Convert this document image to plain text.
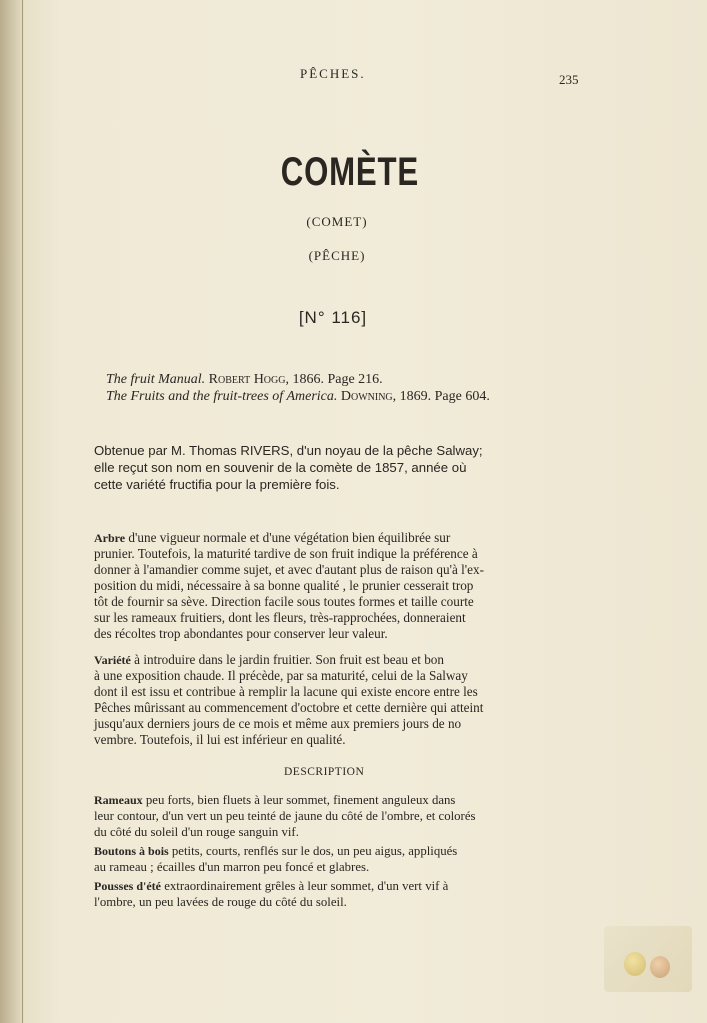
PÊCHES.	235
COMÈTE
(COMET)
(PÊCHE)
[N° 116]
The fruit Manual. Robert Hogg, 1866. Page 216.
The Fruits and the fruit-trees of America. Downing, 1869. Page 604.
Obtenue par M. Thomas RIVERS, d'un noyau de la pêche Salway;
elle reçut son nom en souvenir de la comète de 1857, année où
cette variété fructifia pour la première fois.
Arbre d'une vigueur normale et d'une végétation bien équilibrée sur
prunier. Toutefois, la maturité tardive de son fruit indique la préférence à
donner à l'amandier comme sujet, et avec d'autant plus de raison qu'à l'ex-
position du midi, nécessaire à sa bonne qualité , le prunier cesserait trop
tôt de fournir sa sève. Direction facile sous toutes formes et taille courte
sur les rameaux fruitiers, dont les fleurs, très-rapprochées, donneraient
des récoltes trop abondantes pour conserver leur valeur.
Variété à introduire dans le jardin fruitier. Son fruit est beau et bon
à une exposition chaude. Il précède, par sa maturité, celui de la Salway
dont il est issu et contribue à remplir la lacune qui existe encore entre les
Pêches mûrissant au commencement d'octobre et cette dernière qui atteint
jusqu'aux derniers jours de ce mois et même aux premiers jours de no
vembre. Toutefois, il lui est inférieur en qualité.
DESCRIPTION
Rameaux peu forts, bien fluets à leur sommet, finement anguleux dans
leur contour, d'un vert un peu teinté de jaune du côté de l'ombre, et colorés
du côté du soleil d'un rouge sanguin vif.
Boutons à bois petits, courts, renflés sur le dos, un peu aigus, appliqués
au rameau ; écailles d'un marron peu foncé et glabres.
Pousses d'été extraordinairement grêles à leur sommet, d'un vert vif à
l'ombre, un peu lavées de rouge du côté du soleil.
